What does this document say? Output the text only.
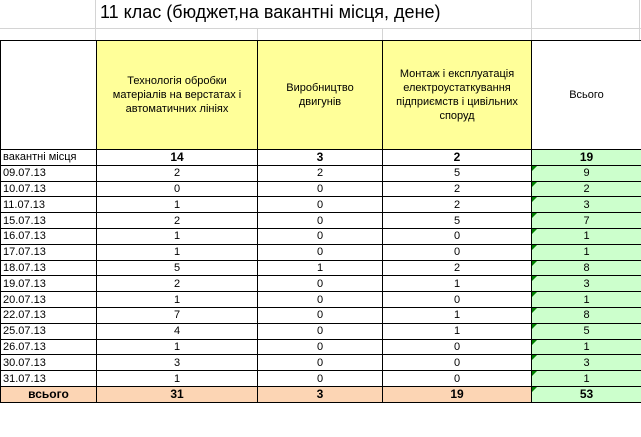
11 клас (бюджет,на вакантні місця, дене)

	Технологія обробки матеріалів на верстатах і автоматичних лініях	Виробництво двигунів	Монтаж і експлуатація електроустаткування підприємств і цивільних споруд	Всього

вакантні місця	14	3	2	19
09.07.13	2	2	5	9
10.07.13	0	0	2	2
11.07.13	1	0	2	3
15.07.13	2	0	5	7
16.07.13	1	0	0	1
17.07.13	1	0	0	1
18.07.13	5	1	2	8
19.07.13	2	0	1	3
20.07.13	1	0	0	1
22.07.13	7	0	1	8
25.07.13	4	0	1	5
26.07.13	1	0	0	1
30.07.13	3	0	0	3
31.07.13	1	0	0	1
всього	31	3	19	53
